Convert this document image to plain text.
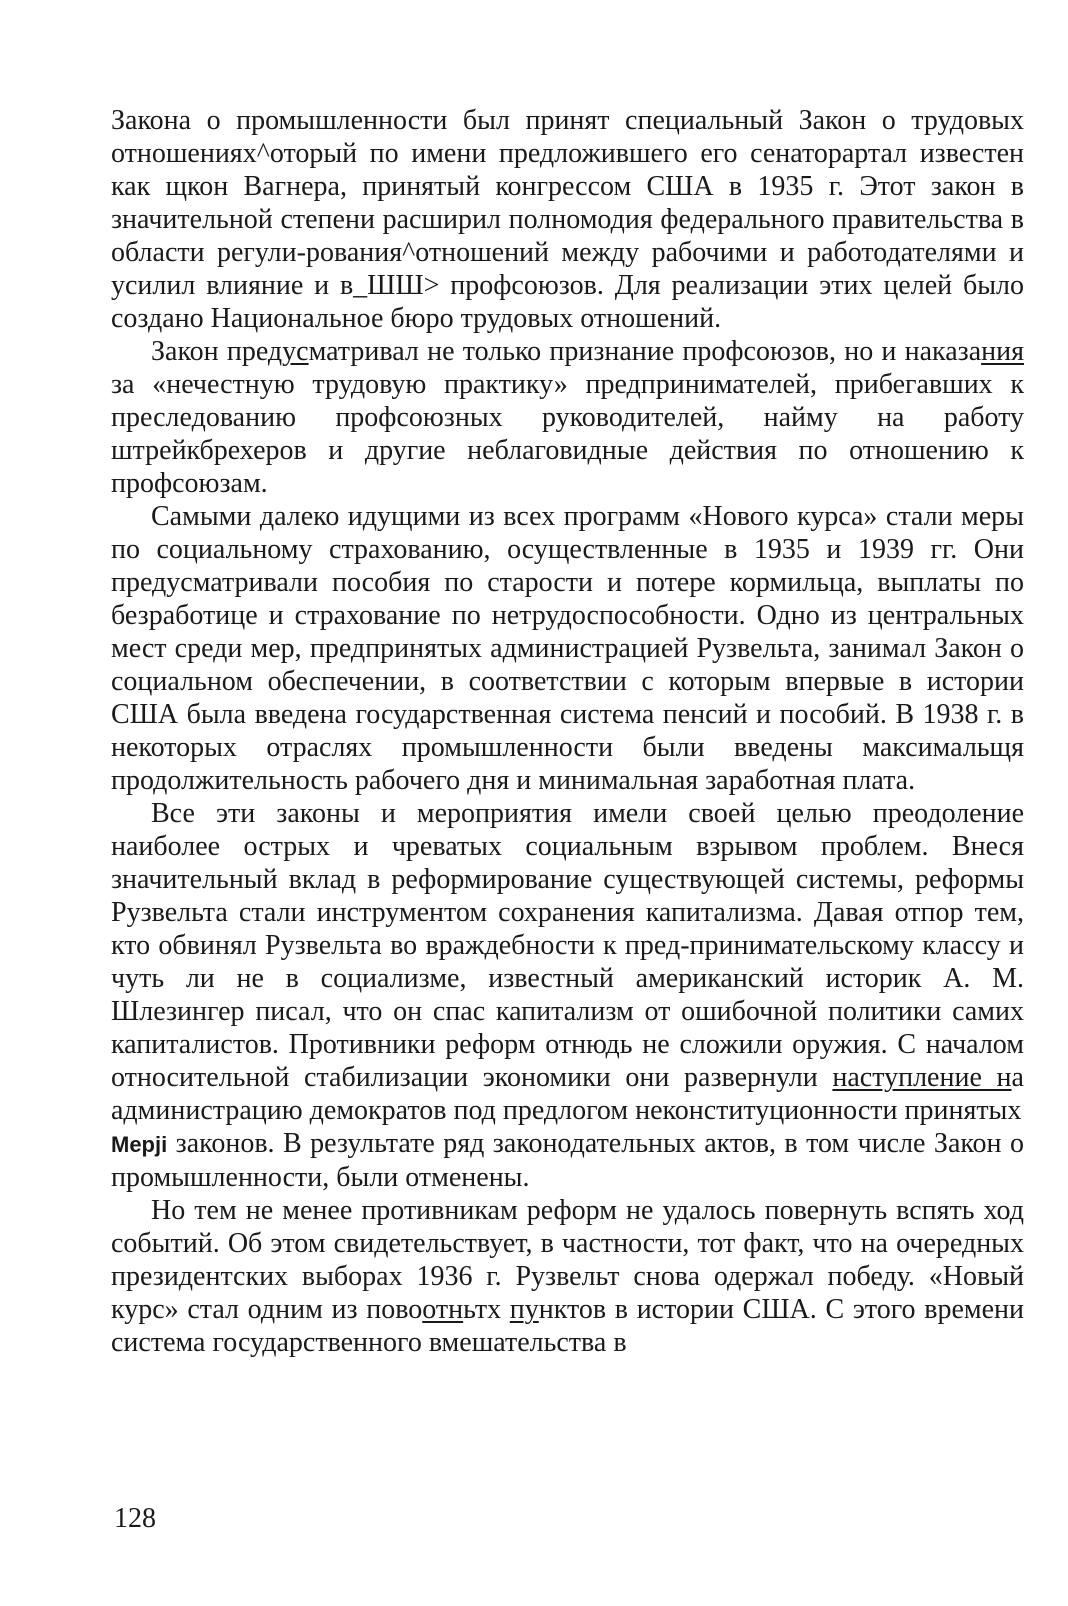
Закона о промышленности был принят специальный Закон о трудовых отношениях^оторый по имени предложившего его сенаторартал известен как щкон Вагнера, принятый конгрессом США в 1935 г. Этот закон в значительной степени расширил полномодия федерального правительства в области регули-рования^отношений между рабочими и работодателями и усилил влияние и в_ШШ> профсоюзов. Для реализации этих целей было создано Национальное бюро трудовых отношений.

Закон предусматривал не только признание профсоюзов, но и наказания за «нечестную трудовую практику» предпринимателей, прибегавших к преследованию профсоюзных руководителей, найму на работу штрейкбрехеров и другие неблаговидные действия по отношению к профсоюзам.

Самыми далеко идущими из всех программ «Нового курса» стали меры по социальному страхованию, осуществленные в 1935 и 1939 гг. Они предусматривали пособия по старости и потере кормильца, выплаты по безработице и страхование по нетрудоспособности. Одно из центральных мест среди мер, предпринятых администрацией Рузвельта, занимал Закон о социальном обеспечении, в соответствии с которым впервые в истории США была введена государственная система пенсий и пособий. В 1938 г. в некоторых отраслях промышленности были введены максимальщя продолжительность рабочего дня и минимальная заработная плата.

Все эти законы и мероприятия имели своей целью преодоление наиболее острых и чреватых социальным взрывом проблем. Внеся значительный вклад в реформирование существующей системы, реформы Рузвельта стали инструментом сохранения капитализма. Давая отпор тем, кто обвинял Рузвельта во враждебности к пред-принимательскому классу и чуть ли не в социализме, известный американский историк А. М. Шлезингер писал, что он спас капитализм от ошибочной политики самих капиталистов. Противники реформ отнюдь не сложили оружия. С началом относительной стабилизации экономики они развернули наступление на администрацию демократов под предлогом неконституционности принятых

Mepji законов. В результате ряд законодательных актов, в том числе Закон о промышленности, были отменены.

Но тем не менее противникам реформ не удалось повернуть вспять ход событий. Об этом свидетельствует, в частности, тот факт, что на очередных президентских выборах 1936 г. Рузвельт снова одержал победу. «Новый курс» стал одним из повоотньтх пунктов в истории США. С этого времени система государственного вмешательства в

128
